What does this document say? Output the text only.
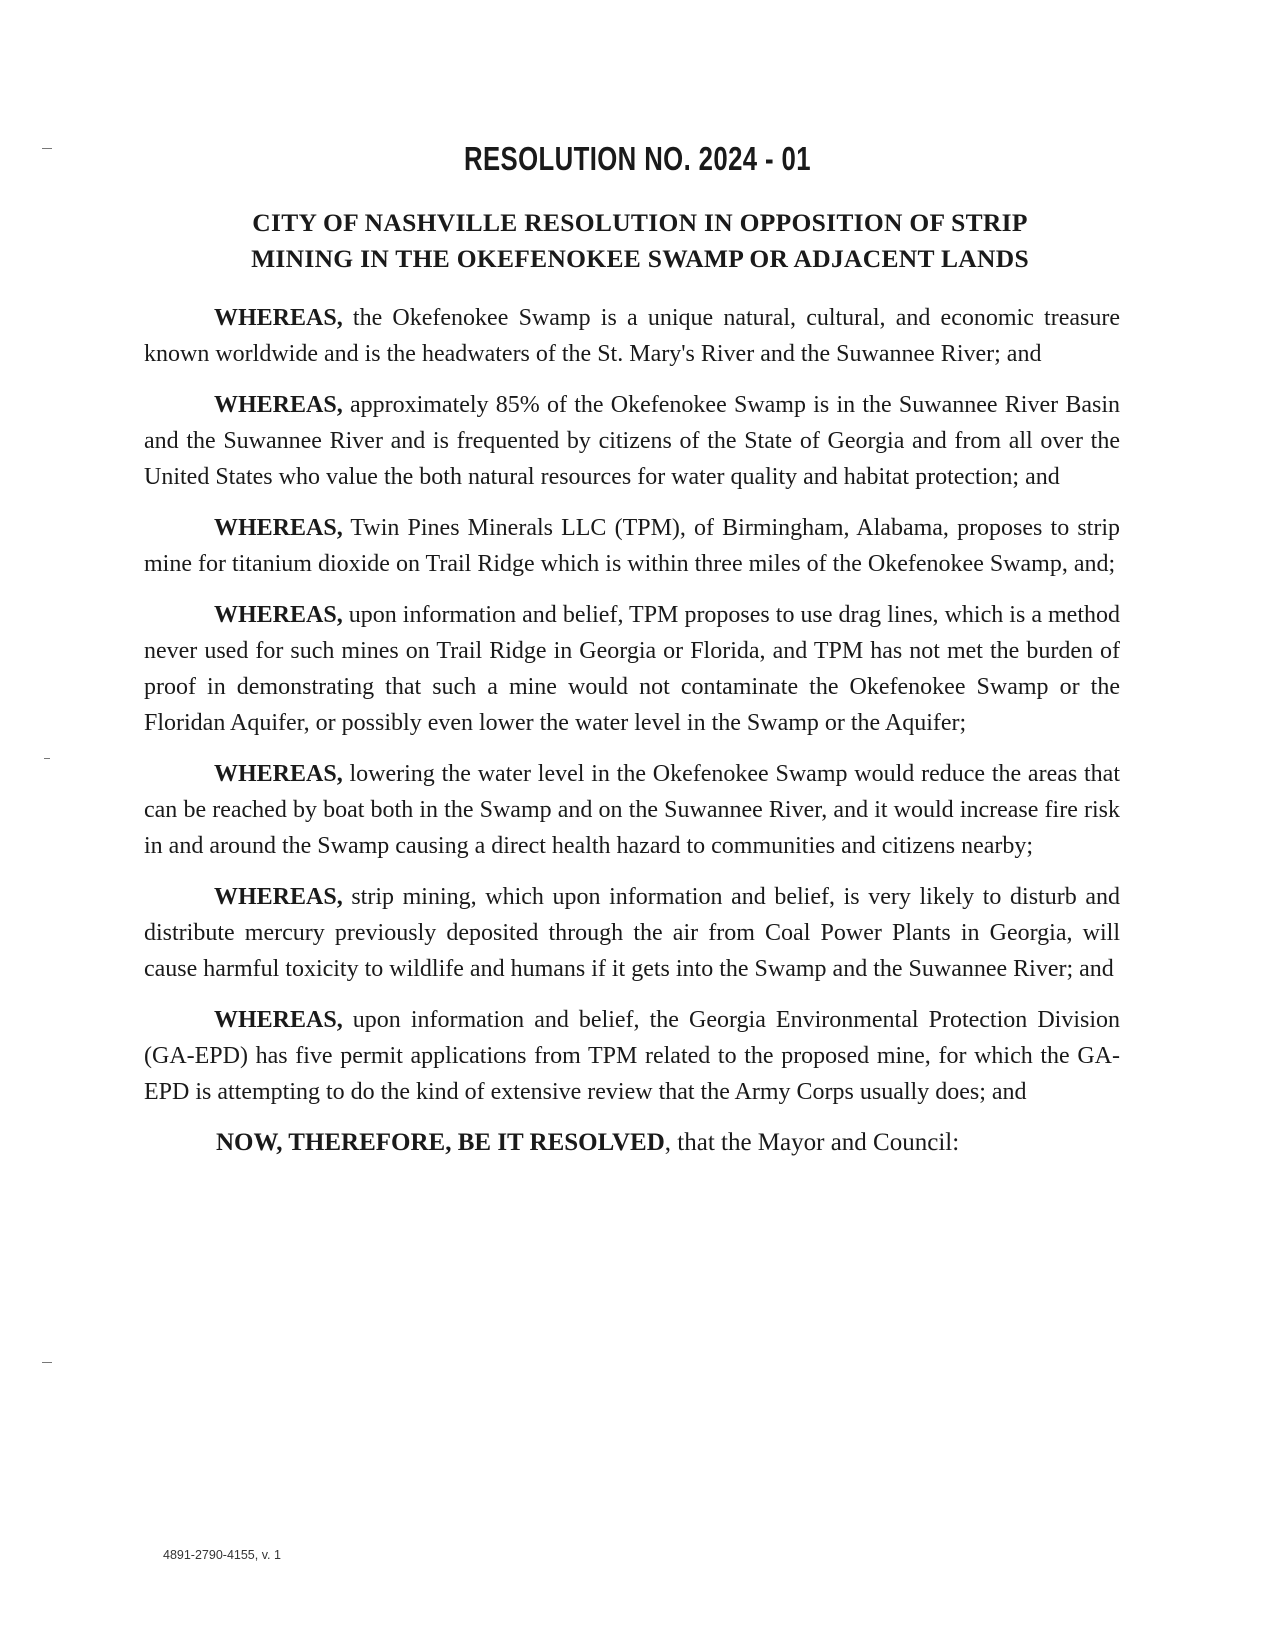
RESOLUTION NO. 2024 - 01
CITY OF NASHVILLE RESOLUTION IN OPPOSITION OF STRIP
MINING IN THE OKEFENOKEE SWAMP OR ADJACENT LANDS

WHEREAS, the Okefenokee Swamp is a unique natural, cultural, and economic treasure known worldwide and is the headwaters of the St. Mary's River and the Suwannee River; and

WHEREAS, approximately 85% of the Okefenokee Swamp is in the Suwannee River Basin and the Suwannee River and is frequented by citizens of the State of Georgia and from all over the United States who value the both natural resources for water quality and habitat protection; and

WHEREAS, Twin Pines Minerals LLC (TPM), of Birmingham, Alabama, proposes to strip mine for titanium dioxide on Trail Ridge which is within three miles of the Okefenokee Swamp, and;

WHEREAS, upon information and belief, TPM proposes to use drag lines, which is a method never used for such mines on Trail Ridge in Georgia or Florida, and TPM has not met the burden of proof in demonstrating that such a mine would not contaminate the Okefenokee Swamp or the Floridan Aquifer, or possibly even lower the water level in the Swamp or the Aquifer;

WHEREAS, lowering the water level in the Okefenokee Swamp would reduce the areas that can be reached by boat both in the Swamp and on the Suwannee River, and it would increase fire risk in and around the Swamp causing a direct health hazard to communities and citizens nearby;

WHEREAS, strip mining, which upon information and belief, is very likely to disturb and distribute mercury previously deposited through the air from Coal Power Plants in Georgia, will cause harmful toxicity to wildlife and humans if it gets into the Swamp and the Suwannee River; and

WHEREAS, upon information and belief, the Georgia Environmental Protection Division (GA-EPD) has five permit applications from TPM related to the proposed mine, for which the GA-EPD is attempting to do the kind of extensive review that the Army Corps usually does; and

NOW, THEREFORE, BE IT RESOLVED, that the Mayor and Council:

4891-2790-4155, v. 1
